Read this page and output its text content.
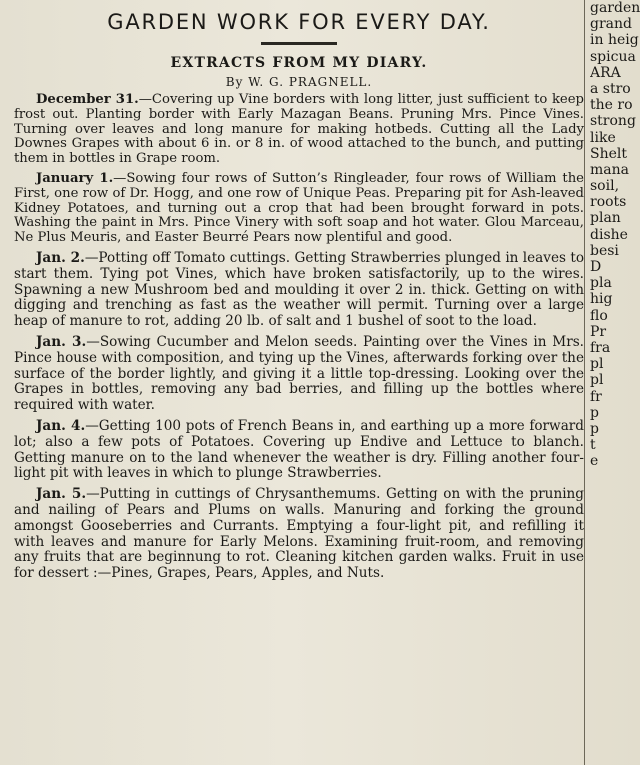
GARDEN WORK FOR EVERY DAY.

EXTRACTS FROM MY DIARY.

By W. G. PRAGNELL.

December 31.—Covering up Vine borders with long litter, just sufficient to keep frost out. Planting border with Early Mazagan Beans. Pruning Mrs. Pince Vines. Turning over leaves and long manure for making hotbeds. Cutting all the Lady Downes Grapes with about 6 in. or 8 in. of wood attached to the bunch, and putting them in bottles in Grape room.

January 1.—Sowing four rows of Sutton’s Ringleader, four rows of William the First, one row of Dr. Hogg, and one row of Unique Peas. Preparing pit for Ash-leaved Kidney Potatoes, and turning out a crop that had been brought forward in pots. Washing the paint in Mrs. Pince Vinery with soft soap and hot water. Glou Marceau, Ne Plus Meuris, and Easter Beurré Pears now plentiful and good.

Jan. 2.—Potting off Tomato cuttings. Getting Strawberries plunged in leaves to start them. Tying pot Vines, which have broken satisfactorily, up to the wires. Spawning a new Mushroom bed and moulding it over 2 in. thick. Getting on with digging and trenching as fast as the weather will permit. Turning over a large heap of manure to rot, adding 20 lb. of salt and 1 bushel of soot to the load.

Jan. 3.—Sowing Cucumber and Melon seeds. Painting over the Vines in Mrs. Pince house with composition, and tying up the Vines, afterwards forking over the surface of the border lightly, and giving it a little top-dressing. Looking over the Grapes in bottles, removing any bad berries, and filling up the bottles where required with water.

Jan. 4.—Getting 100 pots of French Beans in, and earthing up a more forward lot; also a few pots of Potatoes. Covering up Endive and Lettuce to blanch. Getting manure on to the land whenever the weather is dry. Filling another four-light pit with leaves in which to plunge Strawberries.

Jan. 5.—Putting in cuttings of Chrysanthemums. Getting on with the pruning and nailing of Pears and Plums on walls. Manuring and forking the ground amongst Gooseberries and Currants. Emptying a four-light pit, and refilling it with leaves and manure for Early Melons. Examining fruit-room, and removing any fruits that are beginnung to rot. Cleaning kitchen garden walks. Fruit in use for dessert :—Pines, Grapes, Pears, Apples, and Nuts.

garden
grand
in heig
spicua
ARA
a stro
the ro
strong
like
Shelt
mana
soil,
roots
plan
dishe
besi
D
pla
hig
flo
Pr
fra
pl
pl
fr
p
p
t
e
